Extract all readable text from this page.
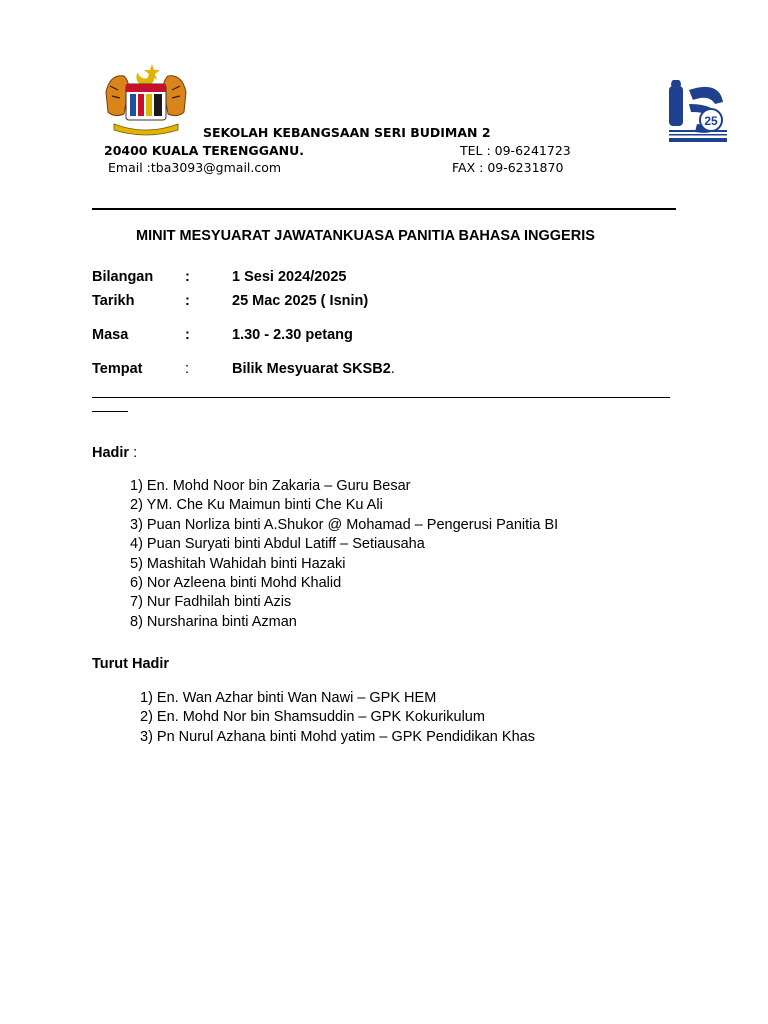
25
SEKOLAH KEBANGSAAN SERI BUDIMAN 2
20400 KUALA TERENGGANU.	TEL : 09-6241723
Email :tba3093@gmail.com	FAX : 09-6231870
MINIT MESYUARAT JAWATANKUASA PANITIA BAHASA INGGERIS
Bilangan :	1 Sesi 2024/2025
Tarikh	:	25 Mac 2025 ( Isnin)
Masa	:	1.30 - 2.30 petang
Tempat	:	Bilik Mesyuarat SKSB2.
Hadir :
1) En. Mohd Noor bin Zakaria – Guru Besar
2) YM. Che Ku Maimun binti Che Ku Ali
3) Puan Norliza binti A.Shukor @ Mohamad – Pengerusi Panitia BI
4) Puan Suryati binti Abdul Latiff – Setiausaha
5) Mashitah Wahidah binti Hazaki
6) Nor Azleena binti Mohd Khalid
7) Nur Fadhilah binti Azis
8) Nursharina binti Azman
Turut Hadir
1) En. Wan Azhar binti Wan Nawi – GPK HEM
2) En. Mohd Nor bin Shamsuddin – GPK Kokurikulum
3) Pn Nurul Azhana binti Mohd yatim – GPK Pendidikan Khas
